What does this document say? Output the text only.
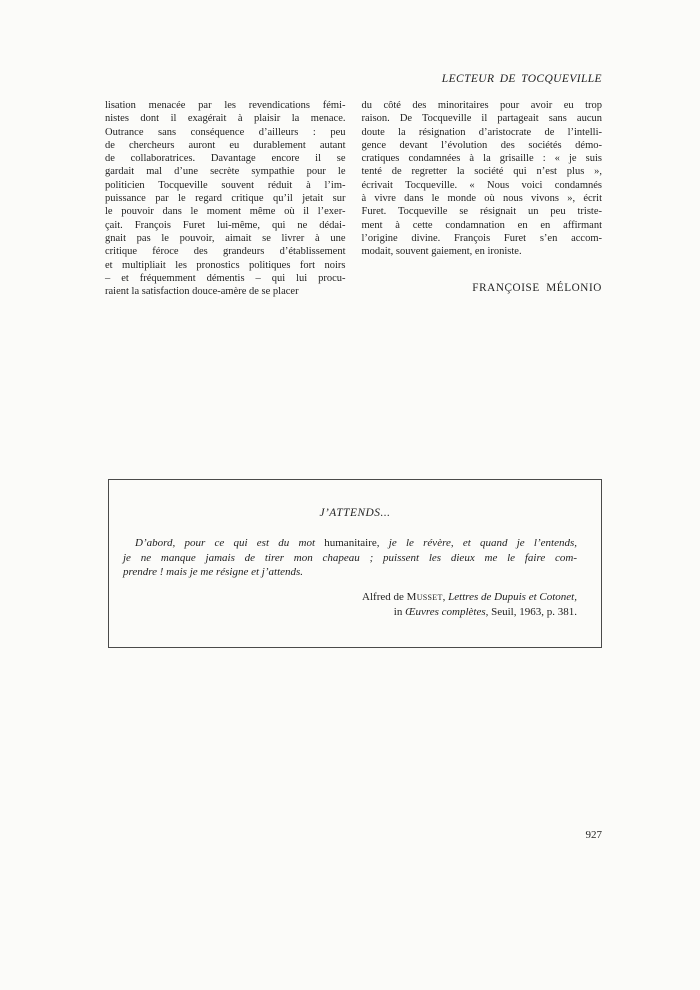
LECTEUR DE TOCQUEVILLE
lisation menacée par les revendications fémi-
nistes dont il exagérait à plaisir la menace.
Outrance sans conséquence d’ailleurs : peu
de chercheurs auront eu durablement autant
de collaboratrices. Davantage encore il se
gardait mal d’une secrète sympathie pour le
politicien Tocqueville souvent réduit à l’im-
puissance par le regard critique qu’il jetait sur
le pouvoir dans le moment même où il l’exer-
çait. François Furet lui-même, qui ne dédai-
gnait pas le pouvoir, aimait se livrer à une
critique féroce des grandeurs d’établissement
et multipliait les pronostics politiques fort noirs
– et fréquemment démentis – qui lui procu-
raient la satisfaction douce-amère de se placer
du côté des minoritaires pour avoir eu trop
raison. De Tocqueville il partageait sans aucun
doute la résignation d’aristocrate de l’intelli-
gence devant l’évolution des sociétés démo-
cratiques condamnées à la grisaille : « je suis
tenté de regretter la société qui n’est plus »,
écrivait Tocqueville. « Nous voici condamnés
à vivre dans le monde où nous vivons », écrit
Furet. Tocqueville se résignait un peu triste-
ment à cette condamnation en en affirmant
l’origine divine. François Furet s’en accom-
modait, souvent gaiement, en ironiste.
FRANÇOISE MÉLONIO
J’ATTENDS...
D’abord, pour ce qui est du mot humanitaire, je le révère, et quand je l’entends,
je ne manque jamais de tirer mon chapeau ; puissent les dieux me le faire com-
prendre ! mais je me résigne et j’attends.
Alfred de Musset, Lettres de Dupuis et Cotonet,
in Œuvres complètes, Seuil, 1963, p. 381.
927
